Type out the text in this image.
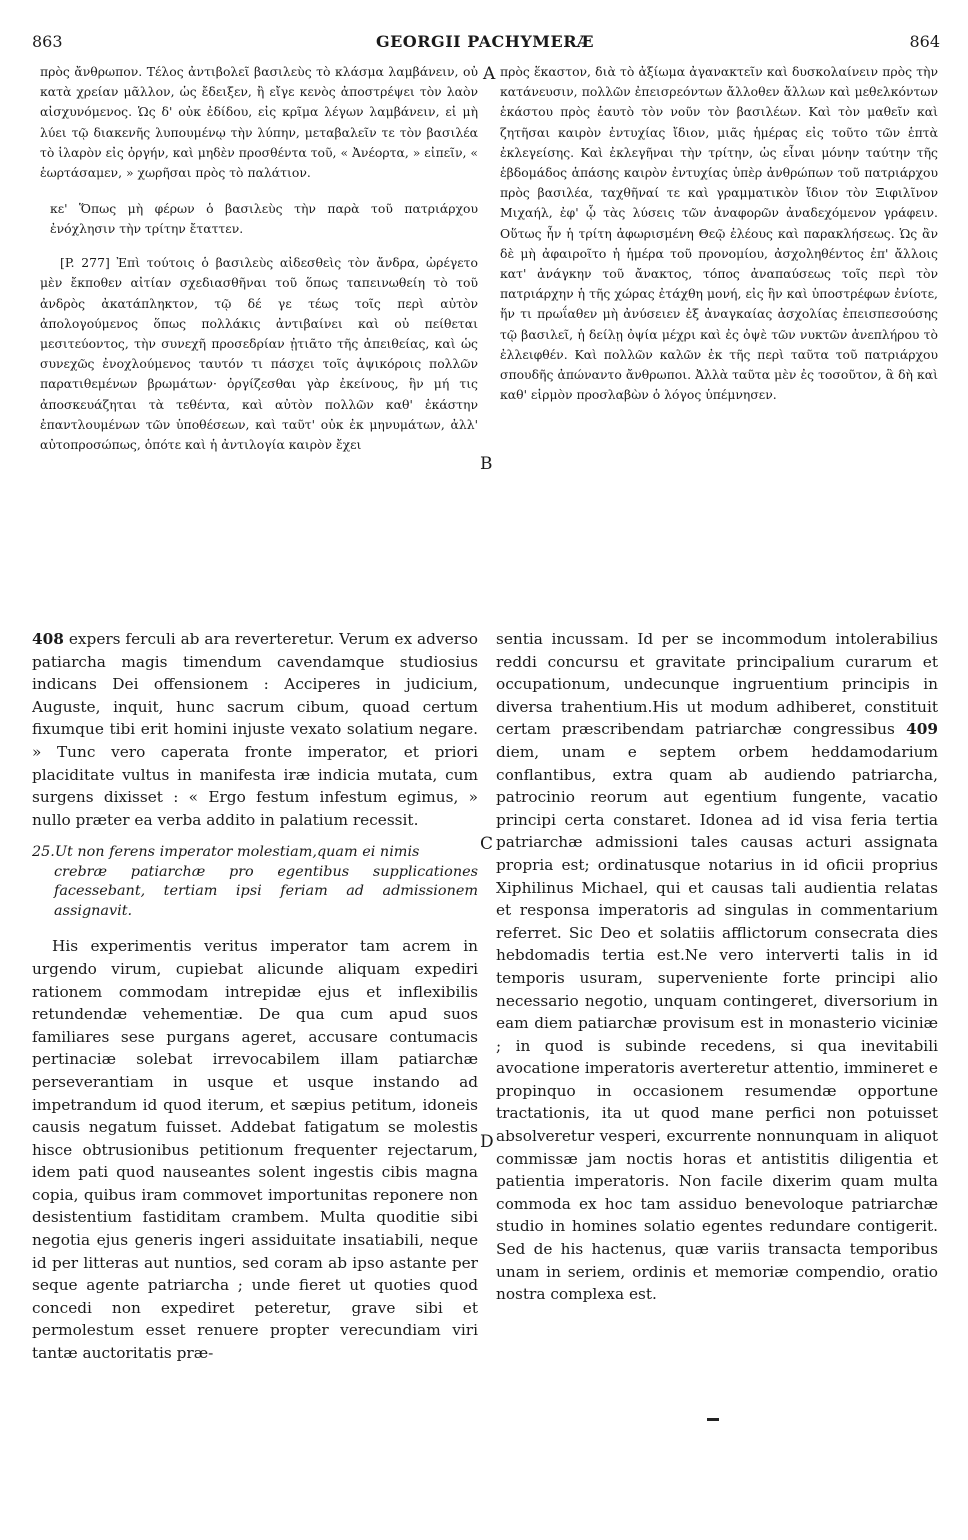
863	GEORGII PACHYMERÆ	864

πρὸς ἄνθρωπον. Τέλος ἀντιβολεῖ βασιλεὺς τὸ κλάσμα λαμβάνειν, οὐ κατὰ χρείαν μᾶλλον, ὡς ἔδειξεν, ἢ εἴγε κενὸς ἀποστρέψει τὸν λαὸν αἰσχυνόμενος. Ὡς δ' οὐκ ἐδίδου, εἰς κρῖμα λέγων λαμβάνειν, εἰ μὴ λύει τῷ διακενῆς λυπουμένῳ τὴν λύπην, μεταβαλεῖν τε τὸν βασιλέα τὸ ἱλαρὸν εἰς ὀργήν, καὶ μηδὲν προσθέντα τοῦ, « Ἀνέορτα, » εἰπεῖν, « ἑωρτάσαμεν, » χωρῆσαι πρὸς τὸ παλάτιον.

κε' Ὅπως μὴ φέρων ὁ βασιλεὺς τὴν παρὰ τοῦ πατριάρχου ἐνόχλησιν τὴν τρίτην ἔταττεν.

[P. 277] Ἐπὶ τούτοις ὁ βασιλεὺς αἰδεσθεὶς τὸν ἄνδρα, ὠρέγετο μὲν ἔκποθεν αἰτίαν σχεδιασθῆναι τοῦ ὅπως ταπεινωθείη τὸ τοῦ ἀνδρὸς ἀκατάπληκτον, τῷ δέ γε τέως τοῖς περὶ αὐτὸν ἀπολογούμενος ὅπως πολλάκις ἀντιβαίνει καὶ οὐ πείθεται μεσιτεύοντος, τὴν συνεχῆ προσεδρίαν ᾐτιᾶτο τῆς ἀπειθείας, καὶ ὡς συνεχῶς ἐνοχλούμενος ταυτόν τι πάσχει τοῖς ἀψικόροις πολλῶν παρατιθεμένων βρωμάτων· ὀργίζεσθαι γὰρ ἐκείνους, ἣν μή τις ἀποσκευάζηται τὰ τεθέντα, καὶ αὐτὸν πολλῶν καθ' ἑκάστην ἐπαντλουμένων τῶν ὑποθέσεων, καὶ ταῦτ' οὐκ ἐκ μηνυμάτων, ἀλλ' αὐτοπροσώπως, ὁπότε καὶ ἡ ἀντιλογία καιρὸν ἔχει

πρὸς ἕκαστον, διὰ τὸ ἀξίωμα ἀγανακτεῖν καὶ δυσκολαίνειν πρὸς τὴν κατάνευσιν, πολλῶν ἐπεισρεόντων ἄλλοθεν ἄλλων καὶ μεθελκόντων ἑκάστου πρὸς ἑαυτὸ τὸν νοῦν τὸν βασιλέων. Καὶ τὸν μαθεῖν καὶ ζητῆσαι καιρὸν ἐντυχίας ἴδιον, μιᾶς ἡμέρας εἰς τοῦτο τῶν ἑπτὰ ἐκλεγείσης. Καὶ ἐκλεγῆναι τὴν τρίτην, ὡς εἶναι μόνην ταύτην τῆς ἑβδομάδος ἁπάσης καιρὸν ἐντυχίας ὑπὲρ ἀνθρώπων τοῦ πατριάρχου πρὸς βασιλέα, ταχθῆναί τε καὶ γραμματικὸν ἴδιον τὸν Ξιφιλῖνον Μιχαήλ, ἐφ' ᾧ τὰς λύσεις τῶν ἀναφορῶν ἀναδεχόμενον γράφειν. Οὕτως ἦν ἡ τρίτη ἀφωρισμένη Θεῷ ἐλέους καὶ παρακλήσεως. Ὡς ἂν δὲ μὴ ἀφαιροῖτο ἡ ἡμέρα τοῦ προνομίου, ἀσχοληθέντος ἐπ' ἄλλοις κατ' ἀνάγκην τοῦ ἄνακτος, τόπος ἀναπαύσεως τοῖς περὶ τὸν πατριάρχην ἡ τῆς χώρας ἐτάχθη μονή, εἰς ἣν καὶ ὑποστρέφων ἐνίοτε, ἥν τι πρωΐαθεν μὴ ἀνύσειεν ἐξ ἀναγκαίας ἀσχολίας ἐπεισπεσούσης τῷ βασιλεῖ, ἡ δείλῃ ὀψία μέχρι καὶ ἐς ὀψὲ τῶν νυκτῶν ἀνεπλήρου τὸ ἐλλειφθέν. Καὶ πολλῶν καλῶν ἐκ τῆς περὶ ταῦτα τοῦ πατριάρχου σπουδῆς ἀπώναντο ἄνθρωποι. Ἀλλὰ ταῦτα μὲν ἐς τοσοῦτον, ἃ δὴ καὶ καθ' εἱρμὸν προσλαβὼν ὁ λόγος ὑπέμνησεν.

A
B
C
D

408 expers ferculi ab ara reverteretur. Verum ex adverso patiarcha magis timendum cavendamque studiosius indicans Dei offensionem : Acciperes in judicium, Auguste, inquit, hunc sacrum cibum, quoad certum fixumque tibi erit homini injuste vexato solatium negare. » Tunc vero caperata fronte imperator, et priori placiditate vultus in manifesta iræ indicia mutata, cum surgens dixisset : « Ergo festum infestum egimus, » nullo præter ea verba addito in palatium recessit.

25.Ut non ferens imperator molestiam,quam ei nimis
crebræ patiarchæ pro egentibus supplicationes facessebant, tertiam ipsi feriam ad admissionem assignavit.

His experimentis veritus imperator tam acrem in urgendo virum, cupiebat alicunde aliquam expediri rationem commodam intrepidæ ejus et inflexibilis retundendæ vehementiæ. De qua cum apud suos familiares sese purgans ageret, accusare contumacis pertinaciæ solebat irrevocabilem illam patiarchæ perseverantiam in usque et usque instando ad impetrandum id quod iterum, et sæpius petitum, idoneis causis negatum fuisset. Addebat fatigatum se molestis hisce obtrusionibus petitionum frequenter rejectarum, idem pati quod nauseantes solent ingestis cibis magna copia, quibus iram commovet importunitas reponere non desistentium fastiditam crambem. Multa quoditie sibi negotia ejus generis ingeri assiduitate insatiabili, neque id per litteras aut nuntios, sed coram ab ipso astante per seque agente patriarcha ; unde fieret ut quoties quod concedi non expediret peteretur, grave sibi et permolestum esset renuere propter verecundiam viri tantæ auctoritatis præ-

sentia incussam. Id per se incommodum intolerabilius reddi concursu et gravitate principalium curarum et occupationum, undecunque ingruentium principis in diversa trahentium.His ut modum adhiberet, constituit certam præscribendam patriarchæ congressibus 409 diem, unam e septem orbem heddamodarium conflantibus, extra quam ab audiendo patriarcha, patrocinio reorum aut egentium fungente, vacatio principi certa constaret. Idonea ad id visa feria tertia patriarchæ admissioni tales causas acturi assignata propria est; ordinatusque notarius in id oficii proprius Xiphilinus Michael, qui et causas tali audientia relatas et responsa imperatoris ad singulas in commentarium referret. Sic Deo et solatiis afflictorum consecrata dies hebdomadis tertia est.Ne vero interverti talis in id temporis usuram, superveniente forte principi alio necessario negotio, unquam contingeret, diversorium in eam diem patiarchæ provisum est in monasterio viciniæ ; in quod is subinde recedens, si qua inevitabili avocatione imperatoris averteretur attentio, immineret e propinquo in occasionem resumendæ opportune tractationis, ita ut quod mane perfici non potuisset absolveretur vesperi, excurrente nonnunquam in aliquot commissæ jam noctis horas et antistitis diligentia et patientia imperatoris. Non facile dixerim quam multa commoda ex hoc tam assiduo benevoloque patriarchæ studio in homines solatio egentes redundare contigerit. Sed de his hactenus, quæ variis transacta temporibus unam in seriem, ordinis et memoriæ compendio, oratio nostra complexa est.
